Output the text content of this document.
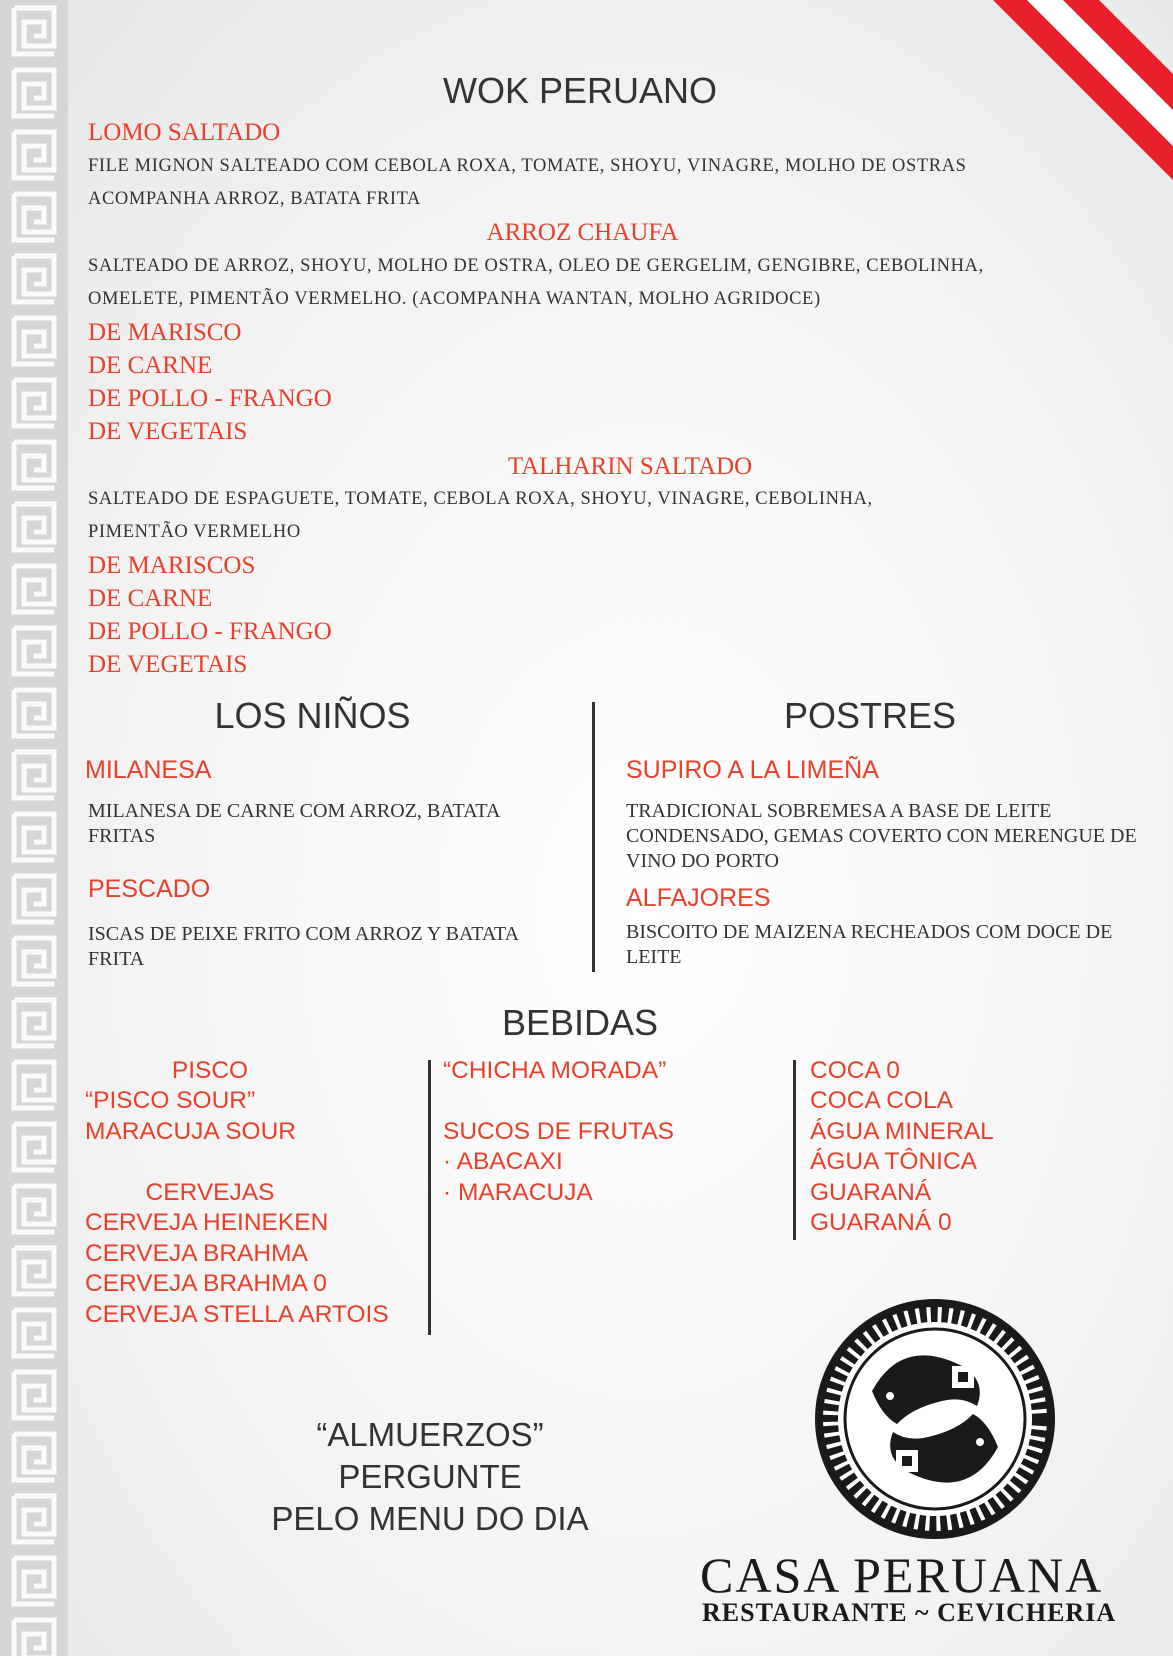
WOK PERUANO
LOMO SALTADO
FILE MIGNON SALTEADO COM CEBOLA ROXA, TOMATE, SHOYU, VINAGRE, MOLHO DE OSTRAS
ACOMPANHA ARROZ, BATATA FRITA
ARROZ CHAUFA
SALTEADO DE ARROZ, SHOYU, MOLHO DE OSTRA, OLEO DE GERGELIM, GENGIBRE, CEBOLINHA,
OMELETE, PIMENTÃO VERMELHO. (ACOMPANHA WANTAN, MOLHO AGRIDOCE)
DE MARISCO
DE CARNE
DE POLLO - FRANGO
DE VEGETAIS
TALHARIN SALTADO
SALTEADO DE ESPAGUETE, TOMATE, CEBOLA ROXA, SHOYU, VINAGRE, CEBOLINHA,
PIMENTÃO VERMELHO
DE MARISCOS
DE CARNE
DE POLLO - FRANGO
DE VEGETAIS
LOS NIÑOS
MILANESA
MILANESA DE CARNE COM ARROZ, BATATA FRITAS
PESCADO
ISCAS DE PEIXE FRITO COM ARROZ Y BATATA FRITA
POSTRES
SUPIRO A LA LIMEÑA
TRADICIONAL SOBREMESA A BASE DE LEITE CONDENSADO, GEMAS COVERTO CON MERENGUE DE VINO DO PORTO
ALFAJORES
BISCOITO DE MAIZENA RECHEADOS COM DOCE DE LEITE
BEBIDAS
PISCO
“PISCO SOUR”
MARACUJA SOUR
CERVEJAS
CERVEJA HEINEKEN
CERVEJA BRAHMA
CERVEJA BRAHMA 0
CERVEJA STELLA ARTOIS
“CHICHA MORADA”
SUCOS DE FRUTAS
· ABACAXI
· MARACUJA
COCA 0
COCA COLA
ÁGUA MINERAL
ÁGUA TÔNICA
GUARANÁ
GUARANÁ 0
“ALMUERZOS”
PERGUNTE
PELO MENU DO DIA
CASA PERUANA
RESTAURANTE ~ CEVICHERIA
